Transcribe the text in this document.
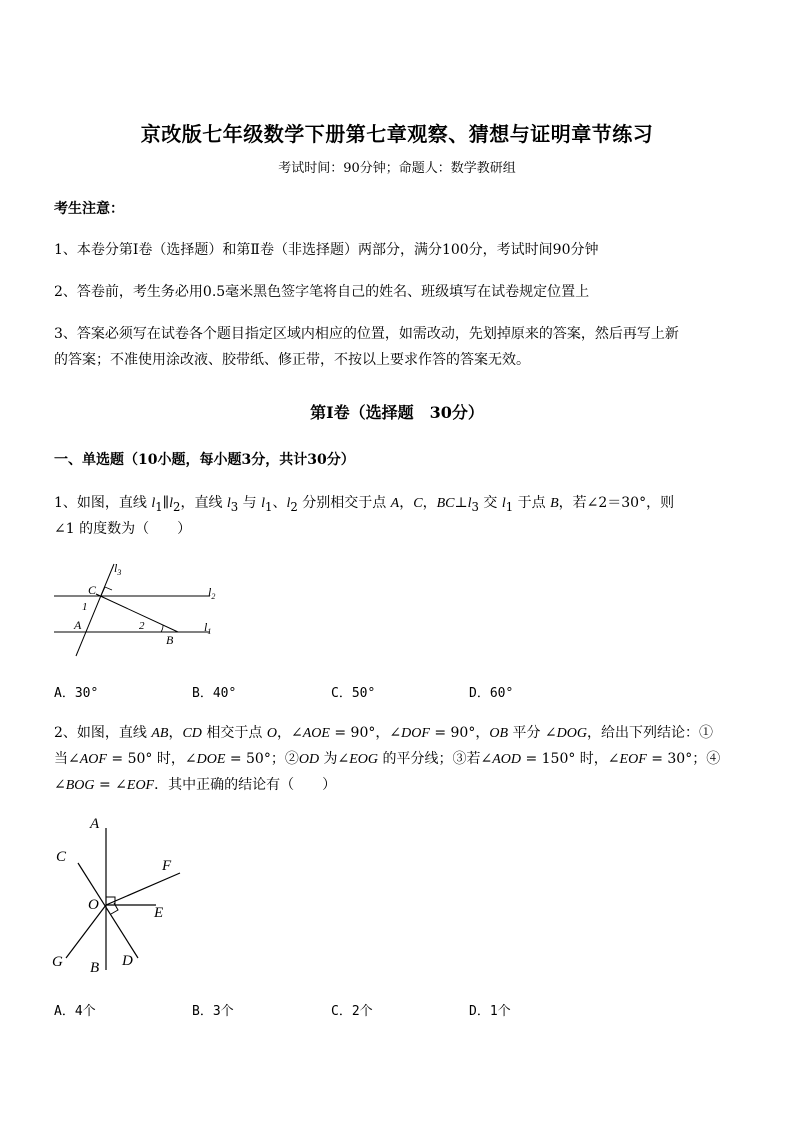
京改版七年级数学下册第七章观察、猜想与证明章节练习
考试时间：90分钟；命题人：数学教研组
考生注意：
1、本卷分第Ⅰ卷（选择题）和第Ⅱ卷（非选择题）两部分，满分100分，考试时间90分钟
2、答卷前，考生务必用0.5毫米黑色签字笔将自己的姓名、班级填写在试卷规定位置上
3、答案必须写在试卷各个题目指定区域内相应的位置，如需改动，先划掉原来的答案，然后再写上新
的答案；不准使用涂改液、胶带纸、修正带，不按以上要求作答的答案无效。
第Ⅰ卷（选择题　30分）
一、单选题（10小题，每小题3分，共计30分）
1、如图，直线 $l_1\parallel l_2$，直线 $l_3$ 与 $l_1$、$l_2$ 分别相交于点 A，C，$BC\perp l_3$ 交 $l_1$ 于点 B，若∠2＝30°，则
∠1 的度数为（　　）
$l_3$
$l_2$
$l_1$
C
1
A	2
B
A．30°	B．40°	C．50°	D．60°
2、如图，直线 AB，CD 相交于点 O，∠AOE = 90°，∠DOF = 90°，OB 平分 ∠DOG，给出下列结论：①
当∠AOF = 50° 时，∠DOE = 50°；②OD 为∠EOG 的平分线；③若∠AOD = 150° 时，∠EOF = 30°；④
∠BOG = ∠EOF．其中正确的结论有（　　）
A
C
F
O	E
G B D
A．4个	B．3个	C．2个	D．1个
